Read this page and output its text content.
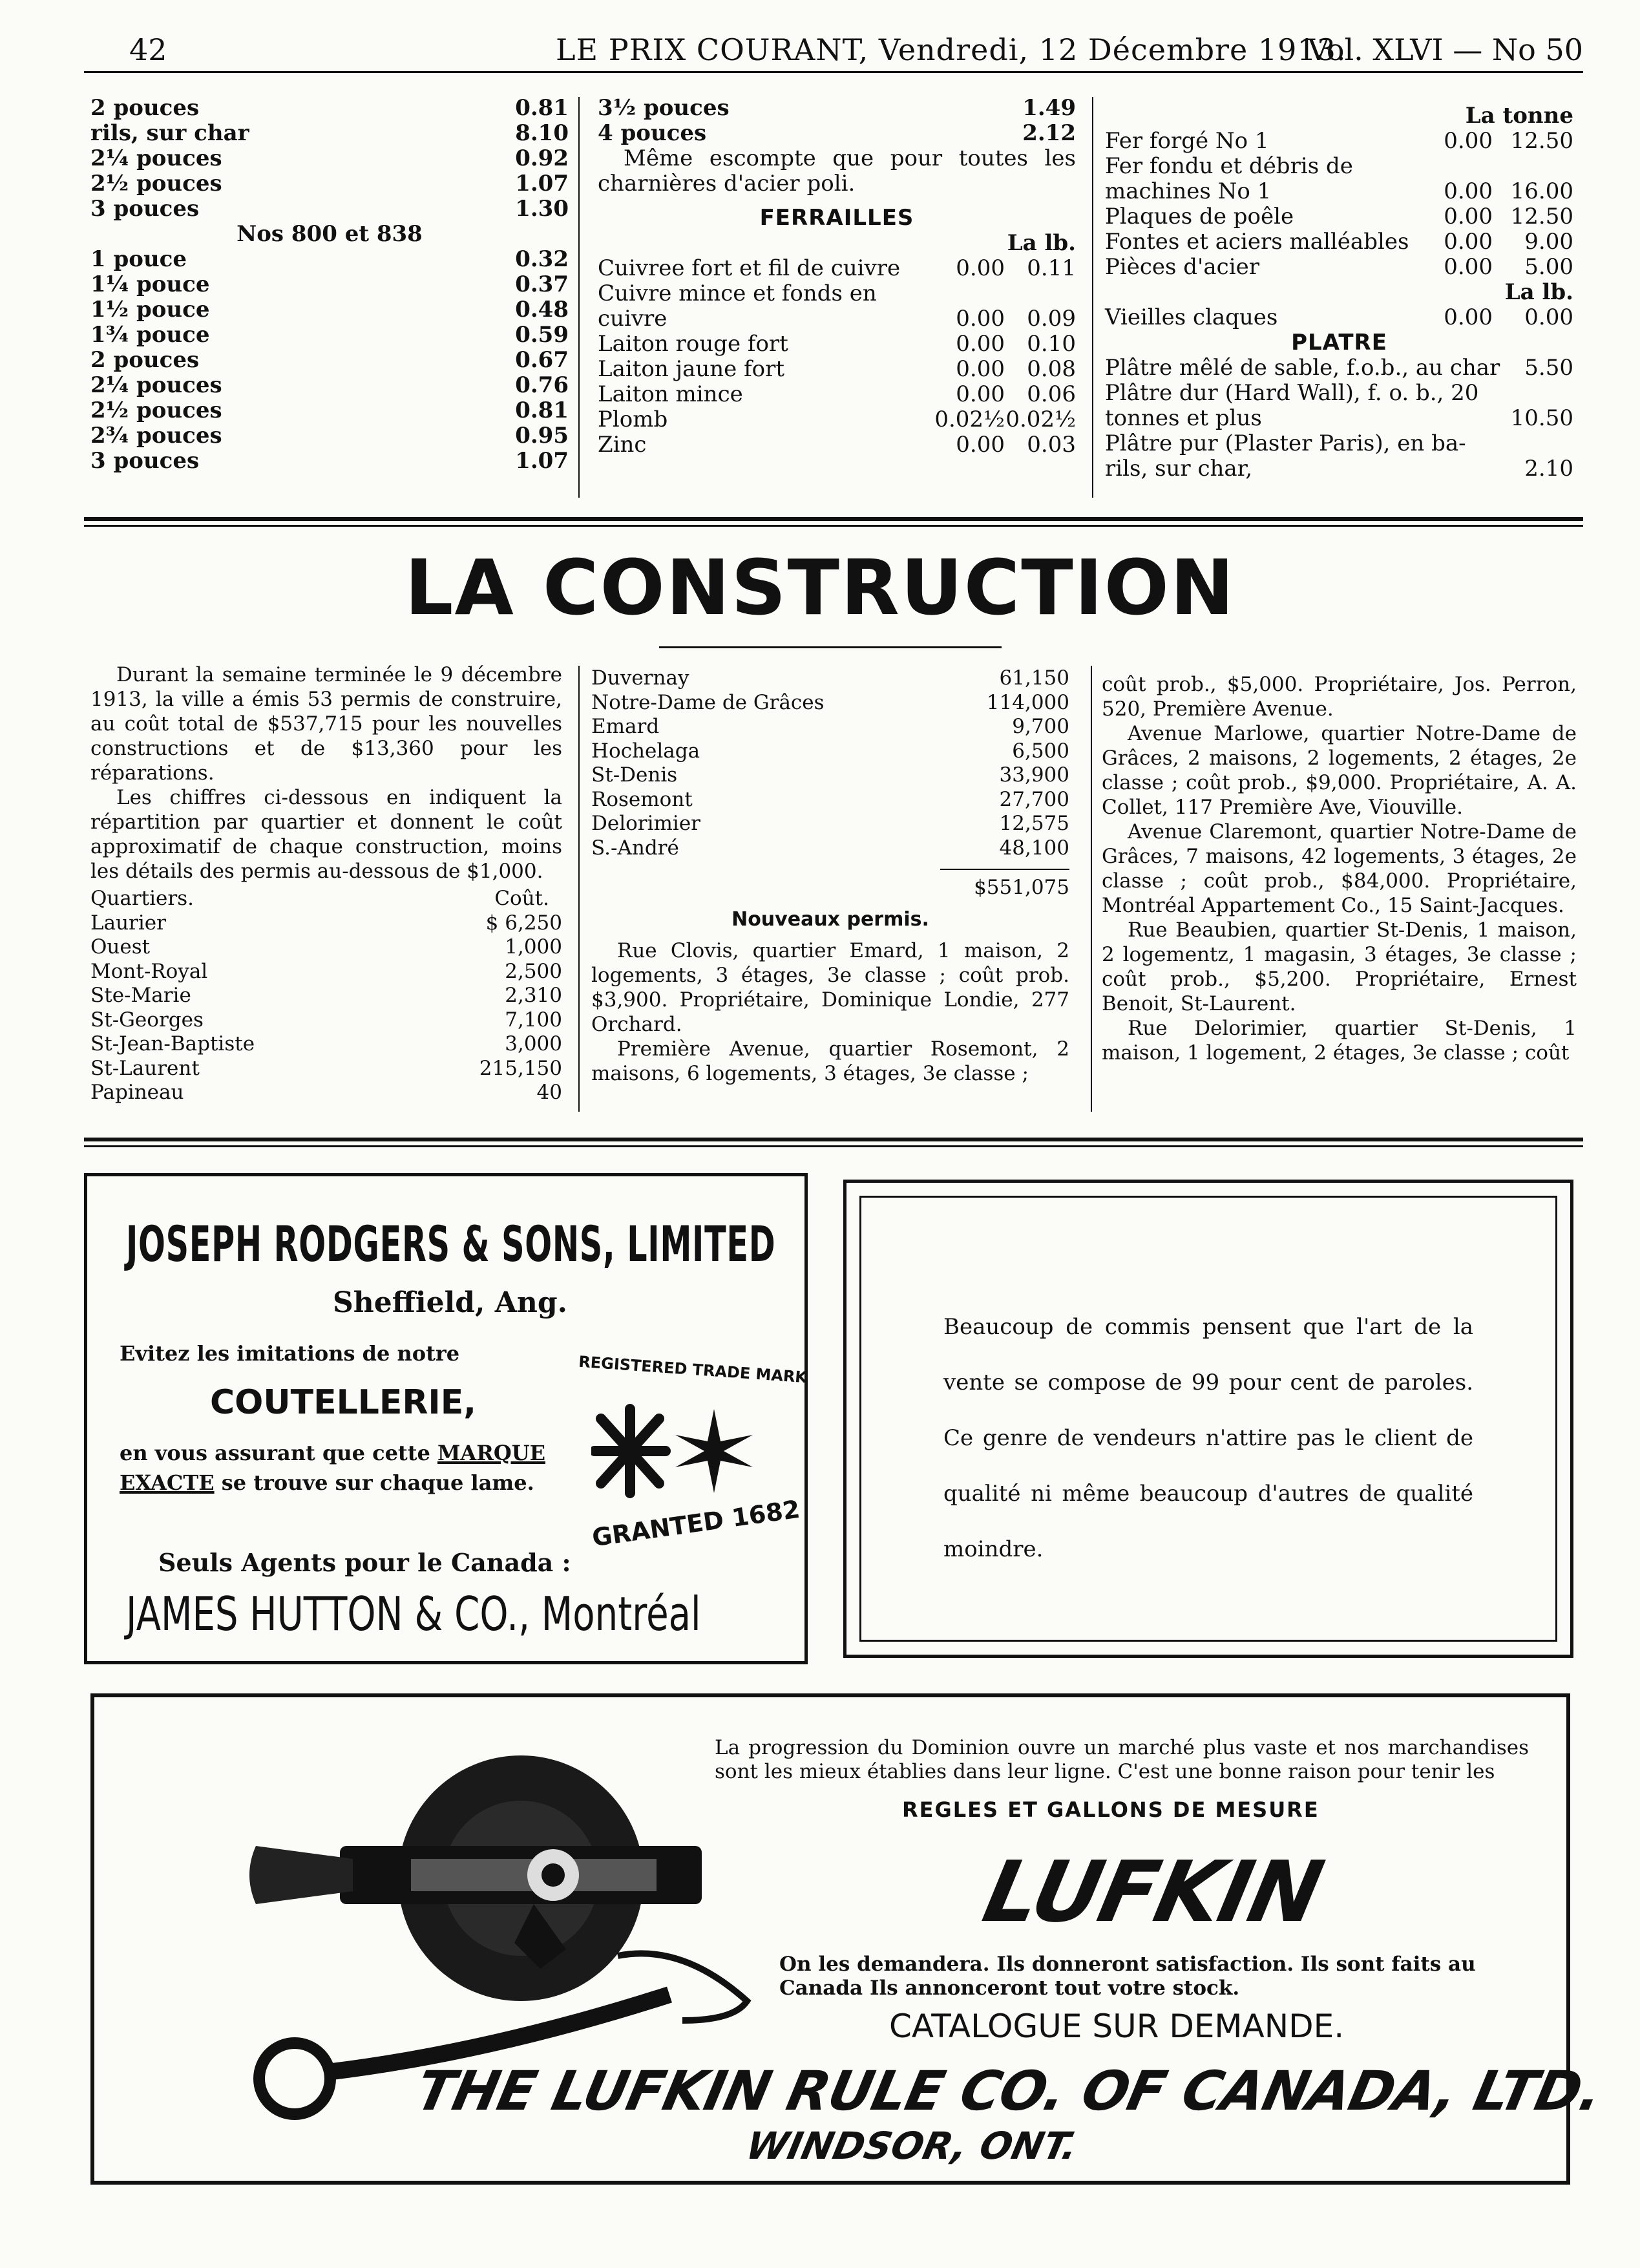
42	LE PRIX COURANT, Vendredi, 12 Décembre 1913.
Vol. XLVI — No 50
2 pouces	0.81
rils, sur char	8.10
2¼ pouces	0.92
2½ pouces	1.07
3 pouces	1.30
Nos 800 et 838
1 pouce	0.32
1¼ pouce	0.37
1½ pouce	0.48
1¾ pouce	0.59
2 pouces	0.67
2¼ pouces	0.76
2½ pouces	0.81
2¾ pouces	0.95
3 pouces	1.07
3½ pouces	1.49
4 pouces	2.12
Même escompte que pour toutes les charnières d'acier poli.
FERRAILLES
La lb.
Cuivree fort et fil de cuivre	0.00 0.11
Cuivre mince et fonds en
cuivre	0.00 0.09
Laiton rouge fort	0.00 0.10
Laiton jaune fort	0.00 0.08
Laiton mince	0.00 0.06
Plomb	0.02½ 0.02½
Zinc	0.00 0.03
La tonne
Fer forgé No 1	0.00 12.50
Fer fondu et débris de
machines No 1	0.00 16.00
Plaques de poêle	0.00 12.50
Fontes et aciers malléables 0.00 9.00
Pièces d'acier	0.00 5.00
La lb.
Vieilles claques	0.00 0.00
PLATRE
Plâtre mêlé de sable, f.o.b., au char 5.50
Plâtre dur (Hard Wall), f. o. b., 20
tonnes et plus	10.50
Plâtre pur (Plaster Paris), en ba-
rils, sur char,	2.10
LA CONSTRUCTION

Durant la semaine terminée le 9 décembre 1913, la ville a émis 53 permis de construire, au coût total de $537,715 pour les nouvelles constructions et de $13,360 pour les réparations.

Les chiffres ci-dessous en indiquent la répartition par quartier et donnent le coût approximatif de chaque construction, moins les détails des permis au-dessous de $1,000.

Quartiers.	Coût.
Laurier	$ 6,250
Ouest	1,000
Mont-Royal	2,500
Ste-Marie	2,310
St-Georges	7,100
St-Jean-Baptiste	3,000
St-Laurent	215,150
Papineau	40
Duvernay	61,150
Notre-Dame de Grâces	114,000
Emard	9,700
Hochelaga	6,500
St-Denis	33,900
Rosemont	27,700
Delorimier	12,575
S.-André	48,100
$551,075
Nouveaux permis.

Rue Clovis, quartier Emard, 1 maison, 2 logements, 3 étages, 3e classe ; coût prob. $3,900. Propriétaire, Dominique Londie, 277 Orchard.

Première Avenue, quartier Rosemont, 2 maisons, 6 logements, 3 étages, 3e classe ;

coût prob., $5,000. Propriétaire, Jos. Perron, 520, Première Avenue.

Avenue Marlowe, quartier Notre-Dame de Grâces, 2 maisons, 2 logements, 2 étages, 2e classe ; coût prob., $9,000. Propriétaire, A. A. Collet, 117 Première Ave, Viouville.

Avenue Claremont, quartier Notre-Dame de Grâces, 7 maisons, 42 logements, 3 étages, 2e classe ; coût prob., $84,000. Propriétaire, Montréal Appartement Co., 15 Saint-Jacques.

Rue Beaubien, quartier St-Denis, 1 maison, 2 logementz, 1 magasin, 3 étages, 3e classe ; coût prob., $5,200. Propriétaire, Ernest Benoit, St-Laurent.

Rue Delorimier, quartier St-Denis, 1 maison, 1 logement, 2 étages, 3e classe ; coût

JOSEPH RODGERS & SONS, LIMITED
Sheffield, Ang.
Evitez les imitations de notre
COUTELLERIE,
en vous assurant que cette MARQUE
EXACTE se trouve sur chaque lame.
REGISTERED TRADE MARK
GRANTED 1682
Seuls Agents pour le Canada :
JAMES HUTTON & CO., Montréal
Beaucoup de commis pensent que l'art de la vente se compose de 99 pour cent de paroles. Ce genre de vendeurs n'attire pas le client de qualité ni même beaucoup d'autres de qualité moindre.
La progression du Dominion ouvre un marché plus vaste et nos marchandises sont les mieux établies dans leur ligne. C'est une bonne raison pour tenir les
REGLES ET GALLONS DE MESURE
LUFKIN
On les demandera. Ils donneront satisfaction. Ils sont faits au Canada Ils annonceront tout votre stock.
CATALOGUE SUR DEMANDE.
THE LUFKIN RULE CO. OF CANADA, LTD.
WINDSOR, ONT.
